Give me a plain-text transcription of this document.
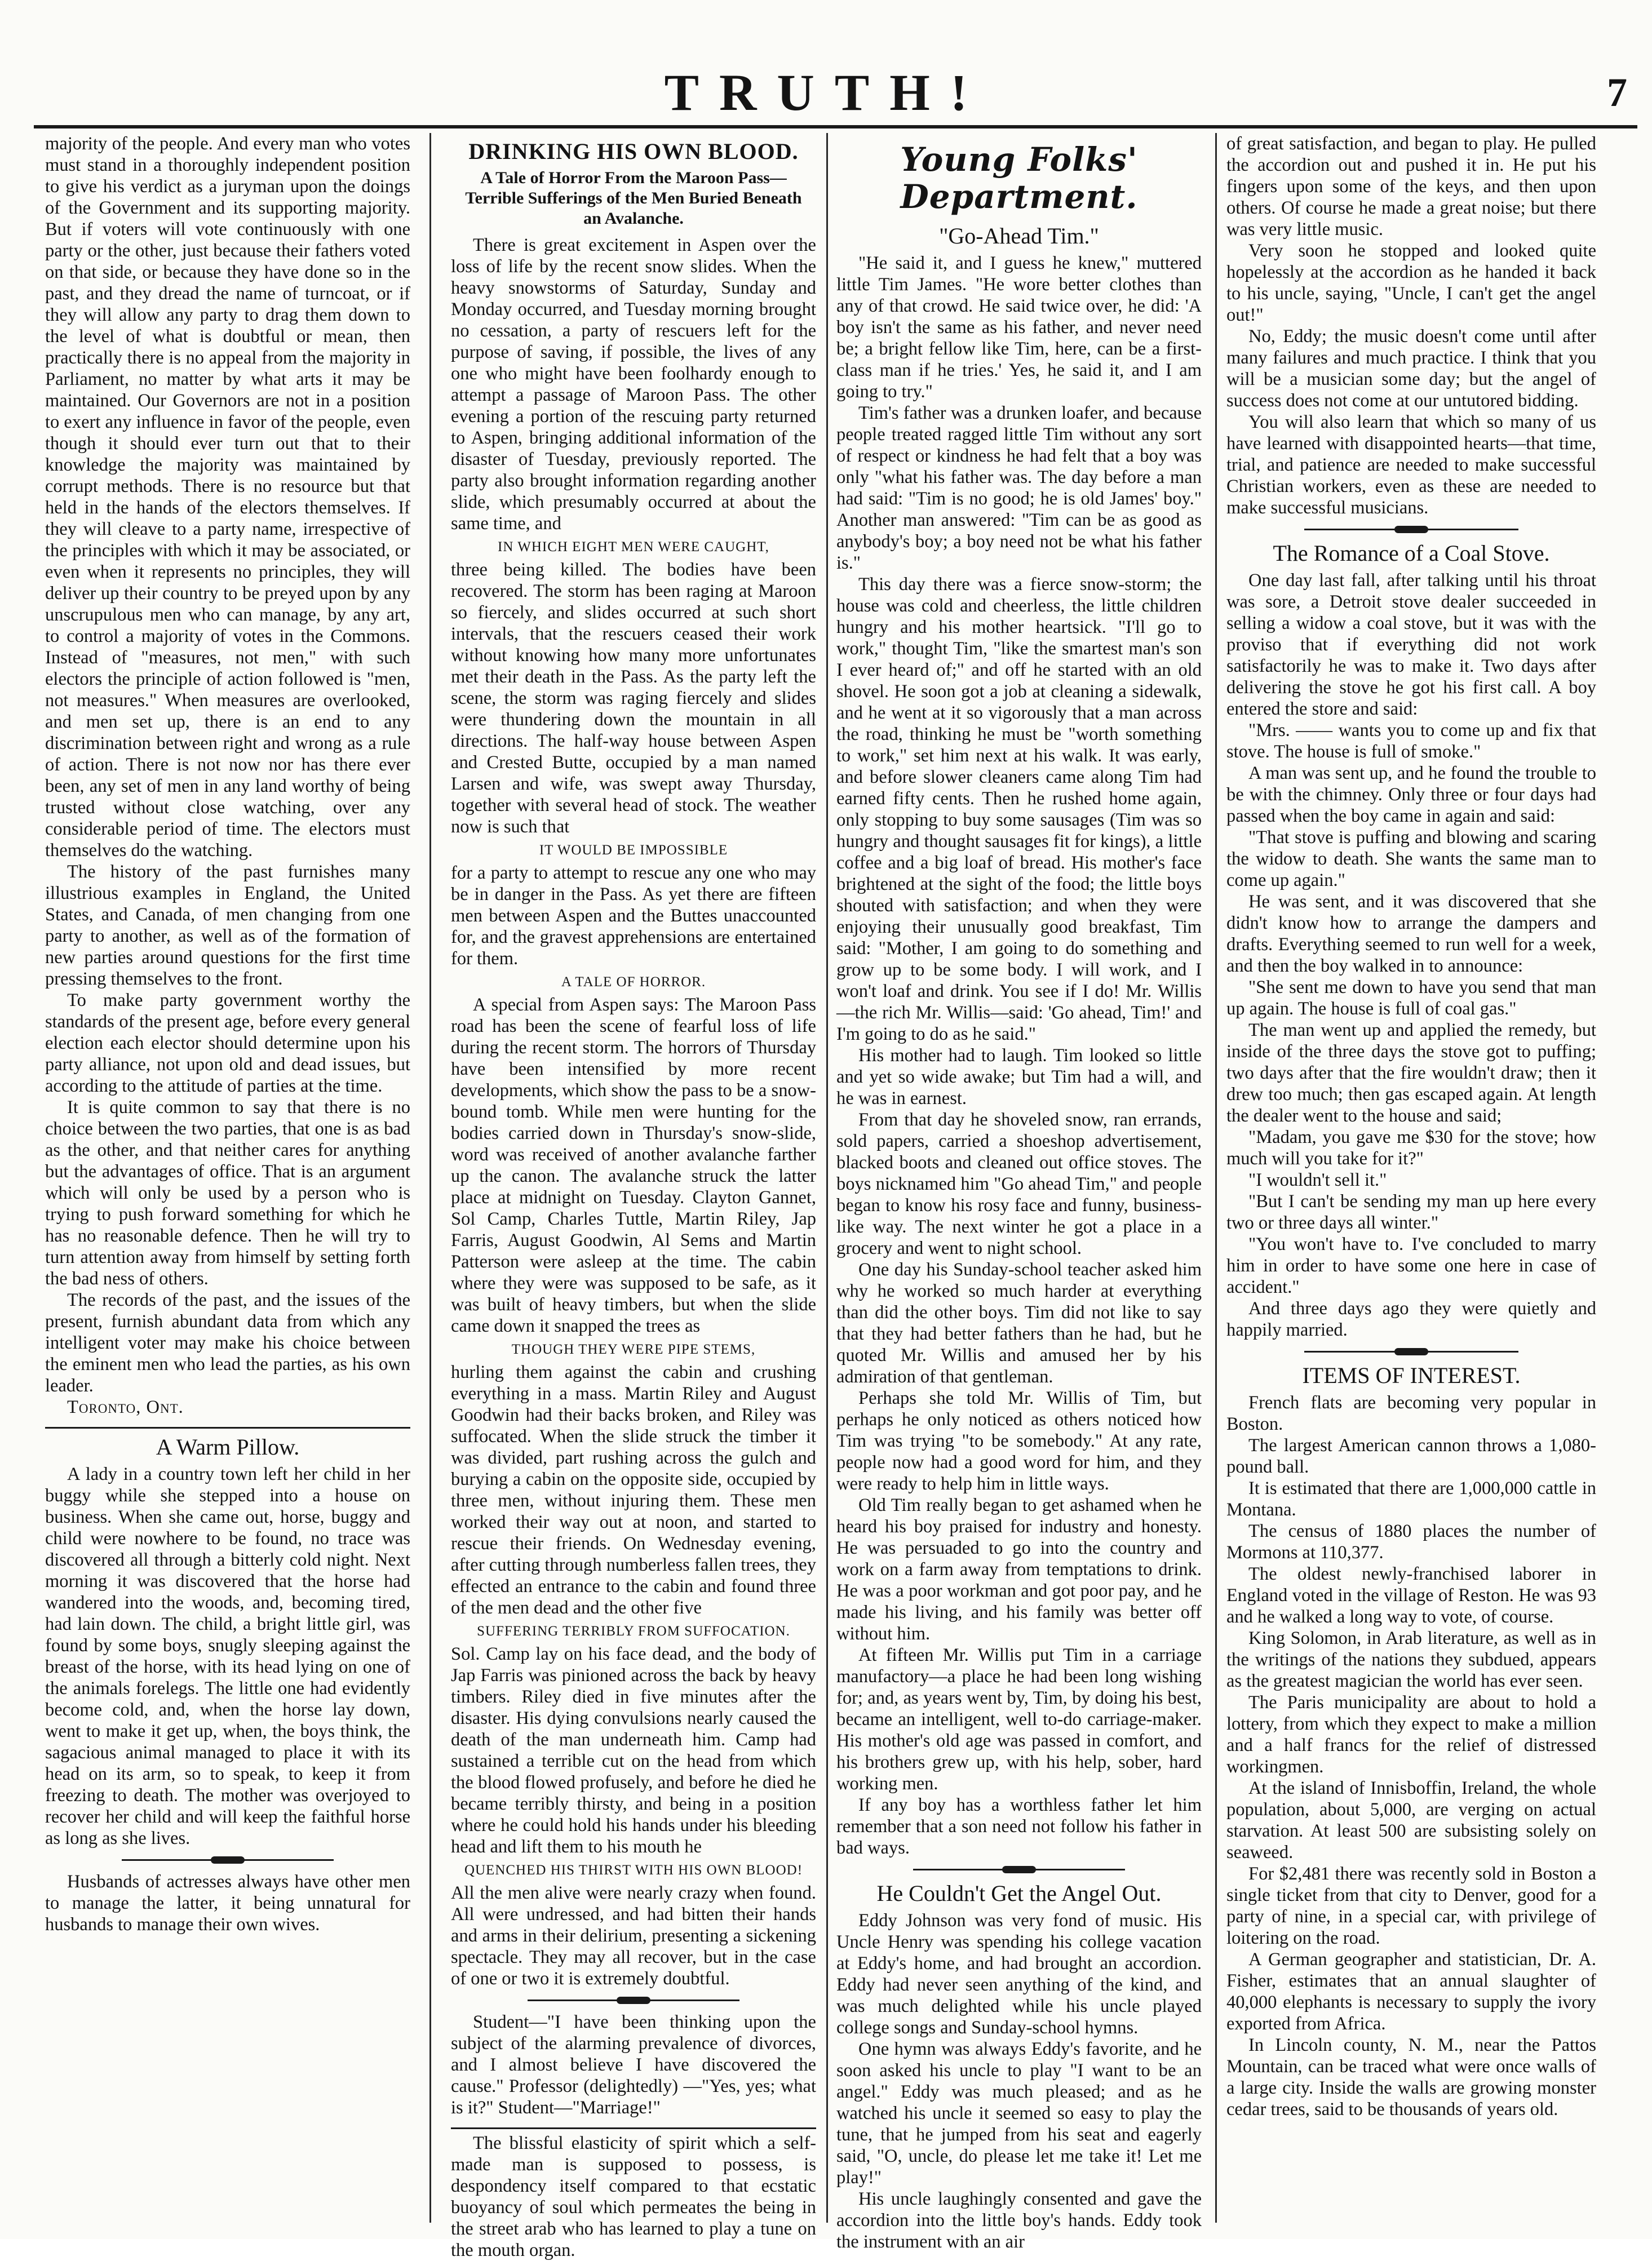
TRUTH!	7

majority of the people. And every man who votes must stand in a thoroughly independent position to give his verdict as a juryman upon the doings of the Government and its supporting majority. But if voters will vote continuously with one party or the other, just because their fathers voted on that side, or because they have done so in the past, and they dread the name of turncoat, or if they will allow any party to drag them down to the level of what is doubtful or mean, then practically there is no appeal from the majority in Parliament, no matter by what arts it may be maintained. Our Governors are not in a position to exert any influence in favor of the people, even though it should ever turn out that to their knowledge the majority was maintained by corrupt methods. There is no resource but that held in the hands of the electors themselves. If they will cleave to a party name, irrespective of the principles with which it may be associated, or even when it represents no principles, they will deliver up their country to be preyed upon by any unscrupulous men who can manage, by any art, to control a majority of votes in the Commons. Instead of "measures, not men," with such electors the principle of action followed is "men, not measures." When measures are overlooked, and men set up, there is an end to any discrimination between right and wrong as a rule of action. There is not now nor has there ever been, any set of men in any land worthy of being trusted without close watching, over any considerable period of time. The electors must themselves do the watching.

The history of the past furnishes many illustrious examples in England, the United States, and Canada, of men changing from one party to another, as well as of the formation of new parties around questions for the first time pressing themselves to the front.

To make party government worthy the standards of the present age, before every general election each elector should determine upon his party alliance, not upon old and dead issues, but according to the attitude of parties at the time.

It is quite common to say that there is no choice between the two parties, that one is as bad as the other, and that neither cares for anything but the advantages of office. That is an argument which will only be used by a person who is trying to push forward something for which he has no reasonable defence. Then he will try to turn attention away from himself by setting forth the bad ness of others.

The records of the past, and the issues of the present, furnish abundant data from which any intelligent voter may make his choice between the eminent men who lead the parties, as his own leader.

Toronto, Ont.

A Warm Pillow.

A lady in a country town left her child in her buggy while she stepped into a house on business. When she came out, horse, buggy and child were nowhere to be found, no trace was discovered all through a bitterly cold night. Next morning it was discovered that the horse had wandered into the woods, and, becoming tired, had lain down. The child, a bright little girl, was found by some boys, snugly sleeping against the breast of the horse, with its head lying on one of the animals forelegs. The little one had evidently become cold, and, when the horse lay down, went to make it get up, when, the boys think, the sagacious animal managed to place it with its head on its arm, so to speak, to keep it from freezing to death. The mother was overjoyed to recover her child and will keep the faithful horse as long as she lives.

Husbands of actresses always have other men to manage the latter, it being unnatural for husbands to manage their own wives.

DRINKING HIS OWN BLOOD.
A Tale of Horror From the Maroon Pass—Terrible Sufferings of the Men Buried Beneath an Avalanche.

There is great excitement in Aspen over the loss of life by the recent snow slides. When the heavy snowstorms of Saturday, Sunday and Monday occurred, and Tuesday morning brought no cessation, a party of rescuers left for the purpose of saving, if possible, the lives of any one who might have been foolhardy enough to attempt a passage of Maroon Pass. The other evening a portion of the rescuing party returned to Aspen, bringing additional information of the disaster of Tuesday, previously reported. The party also brought information regarding another slide, which presumably occurred at about the same time, and

IN WHICH EIGHT MEN WERE CAUGHT,

three being killed. The bodies have been recovered. The storm has been raging at Maroon so fiercely, and slides occurred at such short intervals, that the rescuers ceased their work without knowing how many more unfortunates met their death in the Pass. As the party left the scene, the storm was raging fiercely and slides were thundering down the mountain in all directions. The half-way house between Aspen and Crested Butte, occupied by a man named Larsen and wife, was swept away Thursday, together with several head of stock. The weather now is such that

IT WOULD BE IMPOSSIBLE

for a party to attempt to rescue any one who may be in danger in the Pass. As yet there are fifteen men between Aspen and the Buttes unaccounted for, and the gravest apprehensions are entertained for them.

A TALE OF HORROR.

A special from Aspen says: The Maroon Pass road has been the scene of fearful loss of life during the recent storm. The horrors of Thursday have been intensified by more recent developments, which show the pass to be a snow-bound tomb. While men were hunting for the bodies carried down in Thursday's snow-slide, word was received of another avalanche farther up the canon. The avalanche struck the latter place at midnight on Tuesday. Clayton Gannet, Sol Camp, Charles Tuttle, Martin Riley, Jap Farris, August Goodwin, Al Sems and Martin Patterson were asleep at the time. The cabin where they were was supposed to be safe, as it was built of heavy timbers, but when the slide came down it snapped the trees as

THOUGH THEY WERE PIPE STEMS,

hurling them against the cabin and crushing everything in a mass. Martin Riley and August Goodwin had their backs broken, and Riley was suffocated. When the slide struck the timber it was divided, part rushing across the gulch and burying a cabin on the opposite side, occupied by three men, without injuring them. These men worked their way out at noon, and started to rescue their friends. On Wednesday evening, after cutting through numberless fallen trees, they effected an entrance to the cabin and found three of the men dead and the other five

SUFFERING TERRIBLY FROM SUFFOCATION.

Sol. Camp lay on his face dead, and the body of Jap Farris was pinioned across the back by heavy timbers. Riley died in five minutes after the disaster. His dying convulsions nearly caused the death of the man underneath him. Camp had sustained a terrible cut on the head from which the blood flowed profusely, and before he died he became terribly thirsty, and being in a position where he could hold his hands under his bleeding head and lift them to his mouth he

QUENCHED HIS THIRST WITH HIS OWN BLOOD!

All the men alive were nearly crazy when found. All were undressed, and had bitten their hands and arms in their delirium, presenting a sickening spectacle. They may all recover, but in the case of one or two it is extremely doubtful.

Student—"I have been thinking upon the subject of the alarming prevalence of divorces, and I almost believe I have discovered the cause." Professor (delightedly) —"Yes, yes; what is it?" Student—"Marriage!"

The blissful elasticity of spirit which a self-made man is supposed to possess, is despondency itself compared to that ecstatic buoyancy of soul which permeates the being in the street arab who has learned to play a tune on the mouth organ.

Young Folks' Department.
"Go-Ahead Tim."

"He said it, and I guess he knew," muttered little Tim James. "He wore better clothes than any of that crowd. He said twice over, he did: 'A boy isn't the same as his father, and never need be; a bright fellow like Tim, here, can be a first-class man if he tries.' Yes, he said it, and I am going to try."

Tim's father was a drunken loafer, and because people treated ragged little Tim without any sort of respect or kindness he had felt that a boy was only "what his father was. The day before a man had said: "Tim is no good; he is old James' boy." Another man answered: "Tim can be as good as anybody's boy; a boy need not be what his father is."

This day there was a fierce snow-storm; the house was cold and cheerless, the little children hungry and his mother heartsick. "I'll go to work," thought Tim, "like the smartest man's son I ever heard of;" and off he started with an old shovel. He soon got a job at cleaning a sidewalk, and he went at it so vigorously that a man across the road, thinking he must be "worth something to work," set him next at his walk. It was early, and before slower cleaners came along Tim had earned fifty cents. Then he rushed home again, only stopping to buy some sausages (Tim was so hungry and thought sausages fit for kings), a little coffee and a big loaf of bread. His mother's face brightened at the sight of the food; the little boys shouted with satisfaction; and when they were enjoying their unusually good breakfast, Tim said: "Mother, I am going to do something and grow up to be some body. I will work, and I won't loaf and drink. You see if I do! Mr. Willis—the rich Mr. Willis—said: 'Go ahead, Tim!' and I'm going to do as he said."

His mother had to laugh. Tim looked so little and yet so wide awake; but Tim had a will, and he was in earnest.

From that day he shoveled snow, ran errands, sold papers, carried a shoeshop advertisement, blacked boots and cleaned out office stoves. The boys nicknamed him "Go ahead Tim," and people began to know his rosy face and funny, business-like way. The next winter he got a place in a grocery and went to night school.

One day his Sunday-school teacher asked him why he worked so much harder at everything than did the other boys. Tim did not like to say that they had better fathers than he had, but he quoted Mr. Willis and amused her by his admiration of that gentleman.

Perhaps she told Mr. Willis of Tim, but perhaps he only noticed as others noticed how Tim was trying "to be somebody." At any rate, people now had a good word for him, and they were ready to help him in little ways.

Old Tim really began to get ashamed when he heard his boy praised for industry and honesty. He was persuaded to go into the country and work on a farm away from temptations to drink. He was a poor workman and got poor pay, and he made his living, and his family was better off without him.

At fifteen Mr. Willis put Tim in a carriage manufactory—a place he had been long wishing for; and, as years went by, Tim, by doing his best, became an intelligent, well to-do carriage-maker. His mother's old age was passed in comfort, and his brothers grew up, with his help, sober, hard working men.

If any boy has a worthless father let him remember that a son need not follow his father in bad ways.

He Couldn't Get the Angel Out.

Eddy Johnson was very fond of music. His Uncle Henry was spending his college vacation at Eddy's home, and had brought an accordion. Eddy had never seen anything of the kind, and was much delighted while his uncle played college songs and Sunday-school hymns.

One hymn was always Eddy's favorite, and he soon asked his uncle to play "I want to be an angel." Eddy was much pleased; and as he watched his uncle it seemed so easy to play the tune, that he jumped from his seat and eagerly said, "O, uncle, do please let me take it! Let me play!"

His uncle laughingly consented and gave the accordion into the little boy's hands. Eddy took the instrument with an air

of great satisfaction, and began to play. He pulled the accordion out and pushed it in. He put his fingers upon some of the keys, and then upon others. Of course he made a great noise; but there was very little music.

Very soon he stopped and looked quite hopelessly at the accordion as he handed it back to his uncle, saying, "Uncle, I can't get the angel out!"

No, Eddy; the music doesn't come until after many failures and much practice. I think that you will be a musician some day; but the angel of success does not come at our untutored bidding.

You will also learn that which so many of us have learned with disappointed hearts—that time, trial, and patience are needed to make successful Christian workers, even as these are needed to make successful musicians.

The Romance of a Coal Stove.

One day last fall, after talking until his throat was sore, a Detroit stove dealer succeeded in selling a widow a coal stove, but it was with the proviso that if everything did not work satisfactorily he was to make it. Two days after delivering the stove he got his first call. A boy entered the store and said:

"Mrs. —— wants you to come up and fix that stove. The house is full of smoke."

A man was sent up, and he found the trouble to be with the chimney. Only three or four days had passed when the boy came in again and said:

"That stove is puffing and blowing and scaring the widow to death. She wants the same man to come up again."

He was sent, and it was discovered that she didn't know how to arrange the dampers and drafts. Everything seemed to run well for a week, and then the boy walked in to announce:

"She sent me down to have you send that man up again. The house is full of coal gas."

The man went up and applied the remedy, but inside of the three days the stove got to puffing; two days after that the fire wouldn't draw; then it drew too much; then gas escaped again. At length the dealer went to the house and said;

"Madam, you gave me $30 for the stove; how much will you take for it?"

"I wouldn't sell it."

"But I can't be sending my man up here every two or three days all winter."

"You won't have to. I've concluded to marry him in order to have some one here in case of accident."

And three days ago they were quietly and happily married.

ITEMS OF INTEREST.

French flats are becoming very popular in Boston.

The largest American cannon throws a 1,080-pound ball.

It is estimated that there are 1,000,000 cattle in Montana.

The census of 1880 places the number of Mormons at 110,377.

The oldest newly-franchised laborer in England voted in the village of Reston. He was 93 and he walked a long way to vote, of course.

King Solomon, in Arab literature, as well as in the writings of the nations they subdued, appears as the greatest magician the world has ever seen.

The Paris municipality are about to hold a lottery, from which they expect to make a million and a half francs for the relief of distressed workingmen.

At the island of Innisboffin, Ireland, the whole population, about 5,000, are verging on actual starvation. At least 500 are subsisting solely on seaweed.

For $2,481 there was recently sold in Boston a single ticket from that city to Denver, good for a party of nine, in a special car, with privilege of loitering on the road.

A German geographer and statistician, Dr. A. Fisher, estimates that an annual slaughter of 40,000 elephants is necessary to supply the ivory exported from Africa.

In Lincoln county, N. M., near the Pattos Mountain, can be traced what were once walls of a large city. Inside the walls are growing monster cedar trees, said to be thousands of years old.
